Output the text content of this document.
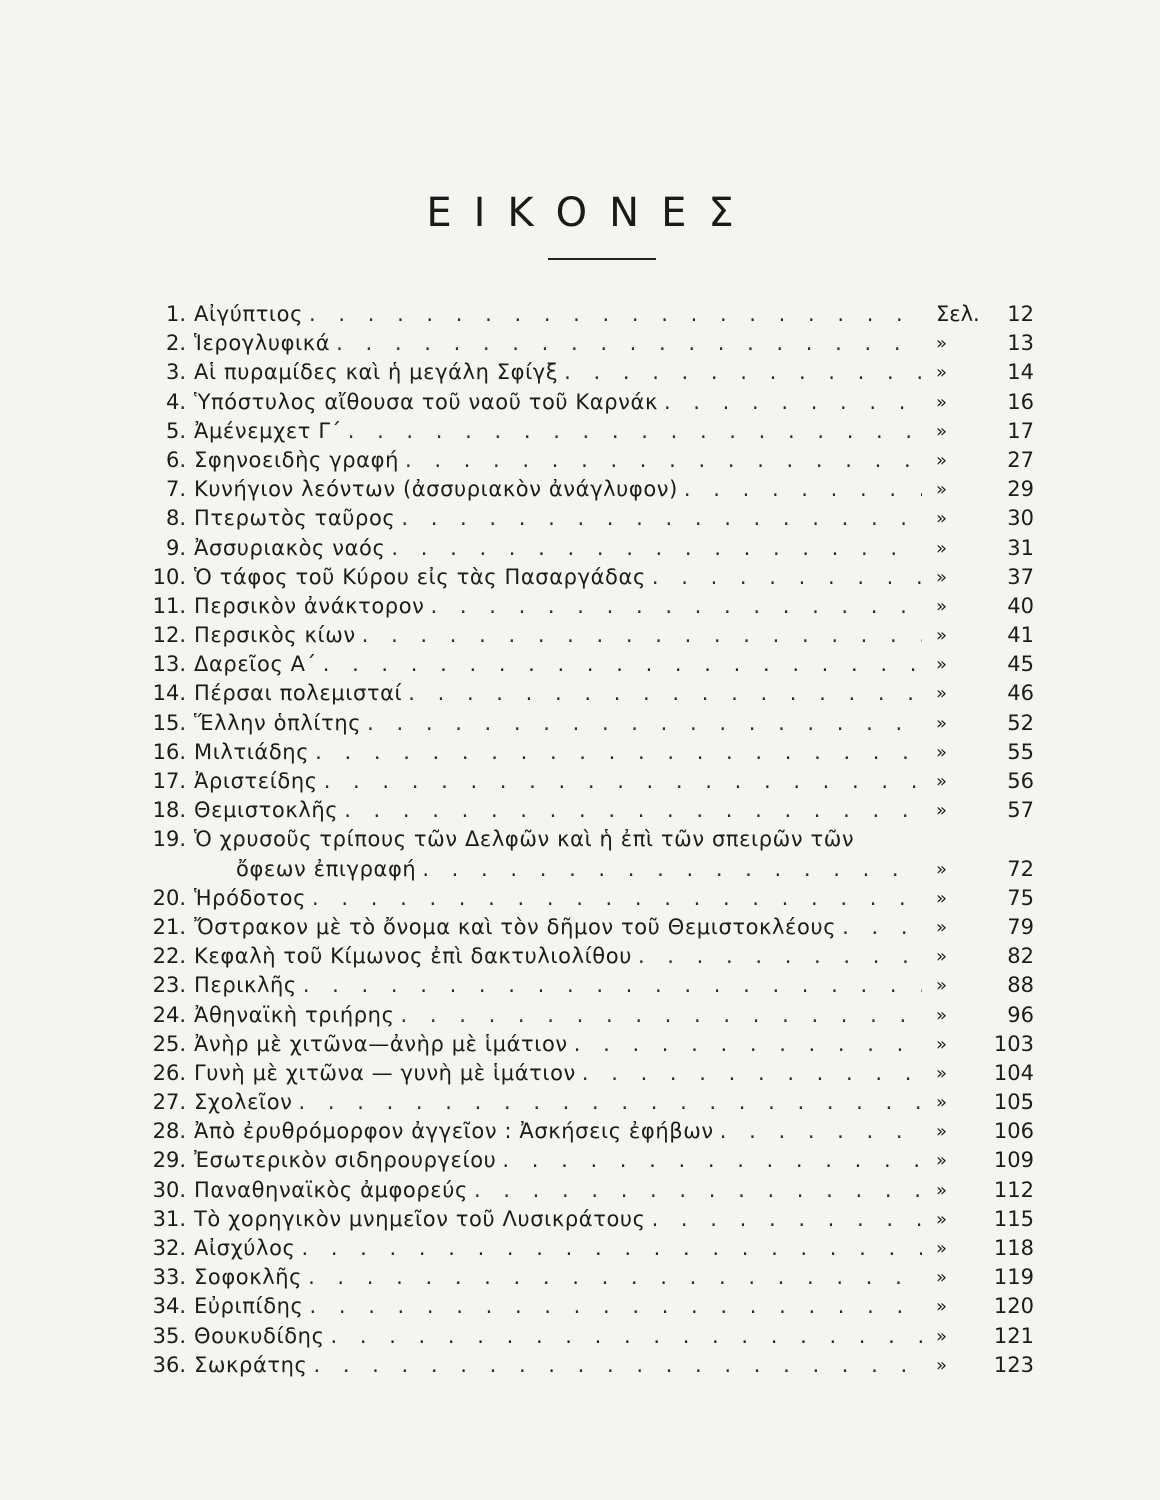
ΕΙΚΟΝΕΣ
1. Αἰγύπτιος . . .	Σελ.	12
2. Ἱερογλυφικά . . .	»	13
3. Αἱ πυραμίδες καὶ ἡ μεγάλη Σφίγξ . . .	»	14
4. Ὑπόστυλος αἴθουσα τοῦ ναοῦ τοῦ Καρνάκ . . .	»	16
5. Ἀμένεμχετ Γ΄ . . .	»	17
6. Σφηνοειδὴς γραφή . . .	»	27
7. Κυνήγιον λεόντων (ἀσσυριακὸν ἀνάγλυφον) . . .	»	29
8. Πτερωτὸς ταῦρος . . .	»	30
9. Ἀσσυριακὸς ναός . . .	»	31
10. Ὁ τάφος τοῦ Κύρου εἰς τὰς Πασαργάδας . . .	»	37
11. Περσικὸν ἀνάκτορον . . .	»	40
12. Περσικὸς κίων . . .	»	41
13. Δαρεῖος Α΄ . . .	»	45
14. Πέρσαι πολεμισταί . . .	»	46
15. Ἕλλην ὁπλίτης . . .	»	52
16. Μιλτιάδης . . .	»	55
17. Ἀριστείδης . . .	»	56
18. Θεμιστοκλῆς . . .	»	57
19. Ὁ χρυσοῦς τρίπους τῶν Δελφῶν καὶ ἡ ἐπὶ τῶν σπειρῶν τῶν
ὄφεων ἐπιγραφή . . .	»	72
20. Ἡρόδοτος . . .	»	75
21. Ὄστρακον μὲ τὸ ὄνομα καὶ τὸν δῆμον τοῦ Θεμιστοκλέους . . .	»	79
22. Κεφαλὴ τοῦ Κίμωνος ἐπὶ δακτυλιολίθου . . .	»	82
23. Περικλῆς . . .	»	88
24. Ἀθηναϊκὴ τριήρης . . .	»	96
25. Ἀνὴρ μὲ χιτῶνα—ἀνὴρ μὲ ἱμάτιον . . .	» 103
26. Γυνὴ μὲ χιτῶνα — γυνὴ μὲ ἱμάτιον . . .	» 104
27. Σχολεῖον . . .	» 105
28. Ἀπὸ ἐρυθρόμορφον ἀγγεῖον : Ἀσκήσεις ἐφήβων . . .	» 106
29. Ἐσωτερικὸν σιδηρουργείου . . .	» 109
30. Παναθηναϊκὸς ἀμφορεύς . . .	» 112
31. Τὸ χορηγικὸν μνημεῖον τοῦ Λυσικράτους . . .	» 115
32. Αἰσχύλος . . .	» 118
33. Σοφοκλῆς . . .	» 119
34. Εὐριπίδης . . .	» 120
35. Θουκυδίδης . . .	» 121
36. Σωκράτης . . .	» 123
